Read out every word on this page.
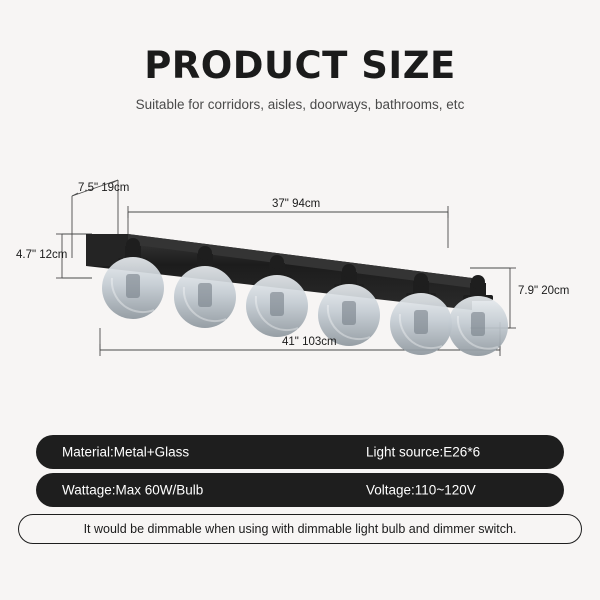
PRODUCT SIZE
Suitable for corridors, aisles, doorways, bathrooms, etc
7.5" 19cm
37" 94cm
4.7" 12cm
7.9" 20cm
41" 103cm
Material:Metal+Glass	Light source:E26*6
Wattage:Max 60W/Bulb	Voltage:110~120V
It would be dimmable when using with dimmable light bulb and dimmer switch.
